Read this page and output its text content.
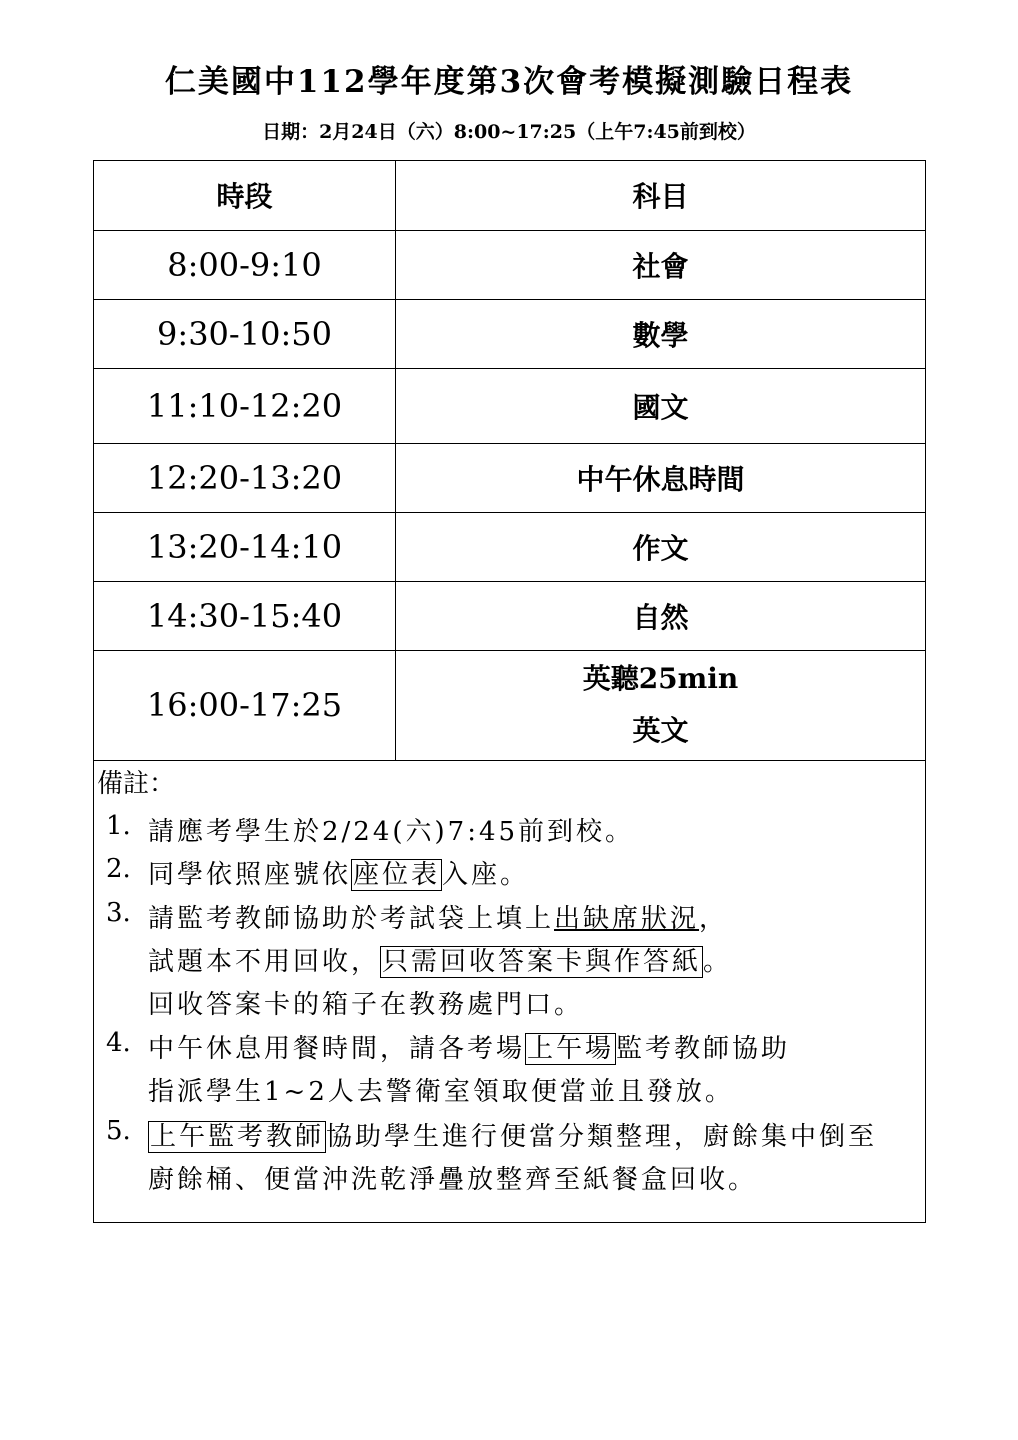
仁美國中112學年度第3次會考模擬測驗日程表
日期：2月24日（六）8:00~17:25（上午7:45前到校）
時段	科目
8:00-9:10	社會
9:30-10:50	數學
11:10-12:20	國文
12:20-13:20	中午休息時間
13:20-14:10	作文
14:30-15:40	自然
16:00-17:25	英聽25min
英文
備註：
1. 請應考學生於2/24(六)7:45前到校。
2. 同學依照座號依座位表入座。
3. 請監考教師協助於考試袋上填上出缺席狀況，
試題本不用回收，只需回收答案卡與作答紙。
回收答案卡的箱子在教務處門口。
4. 中午休息用餐時間，請各考場上午場監考教師協助
指派學生1~2人去警衛室領取便當並且發放。
5. 上午監考教師協助學生進行便當分類整理，廚餘集中倒至
廚餘桶、便當沖洗乾淨疊放整齊至紙餐盒回收。
